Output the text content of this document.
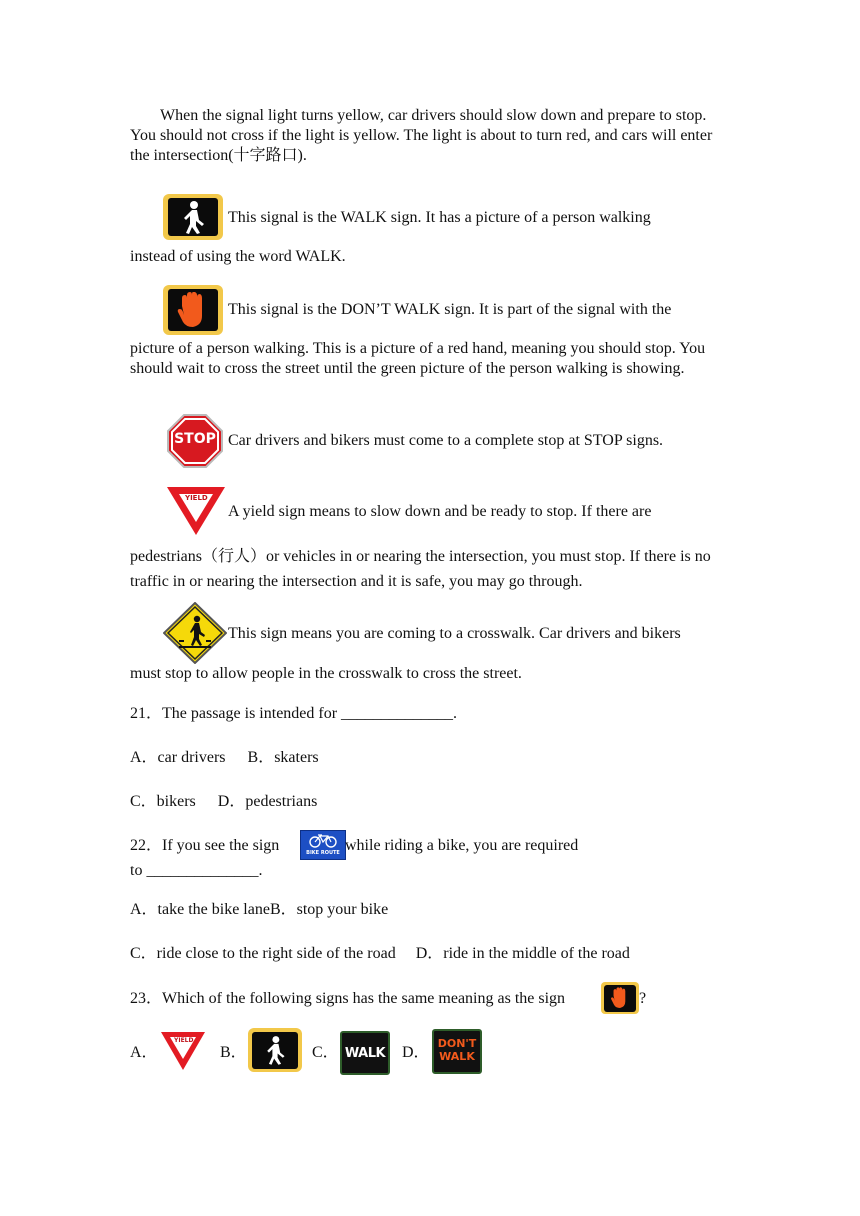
When the signal light turns yellow, car drivers should slow down and prepare to stop. You should not cross if the light is yellow. The light is about to turn red, and cars will enter the intersection(十字路口).
This signal is the WALK sign. It has a picture of a person walking
instead of using the word WALK.
This signal is the DON’T WALK sign. It is part of the signal with the
picture of a person walking. This is a picture of a red hand, meaning you should stop. You should wait to cross the street until the green picture of the person walking is showing.
STOP Car drivers and bikers must come to a complete stop at STOP signs.
YIELD
A yield sign means to slow down and be ready to stop. If there are
pedestrians（行人）or vehicles in or nearing the intersection, you must stop. If there is no traffic in or nearing the intersection and it is safe, you may go through.
This sign means you are coming to a crosswalk. Car drivers and bikers
must stop to allow people in the crosswalk to cross the street.
21．The passage is intended for ______________.
A．car drivers B．skaters
C．bikers D．pedestrians
22．If you see the sign	BIKE ROUTE while riding a bike, you are required
to ______________.
A．take the bike laneB．stop your bike
C．ride close to the right side of the road D．ride in the middle of the road
23．Which of the following signs has the same meaning as the sign	?
A．
YIELD
B．	C． WALK D．
DON'T
WALK
